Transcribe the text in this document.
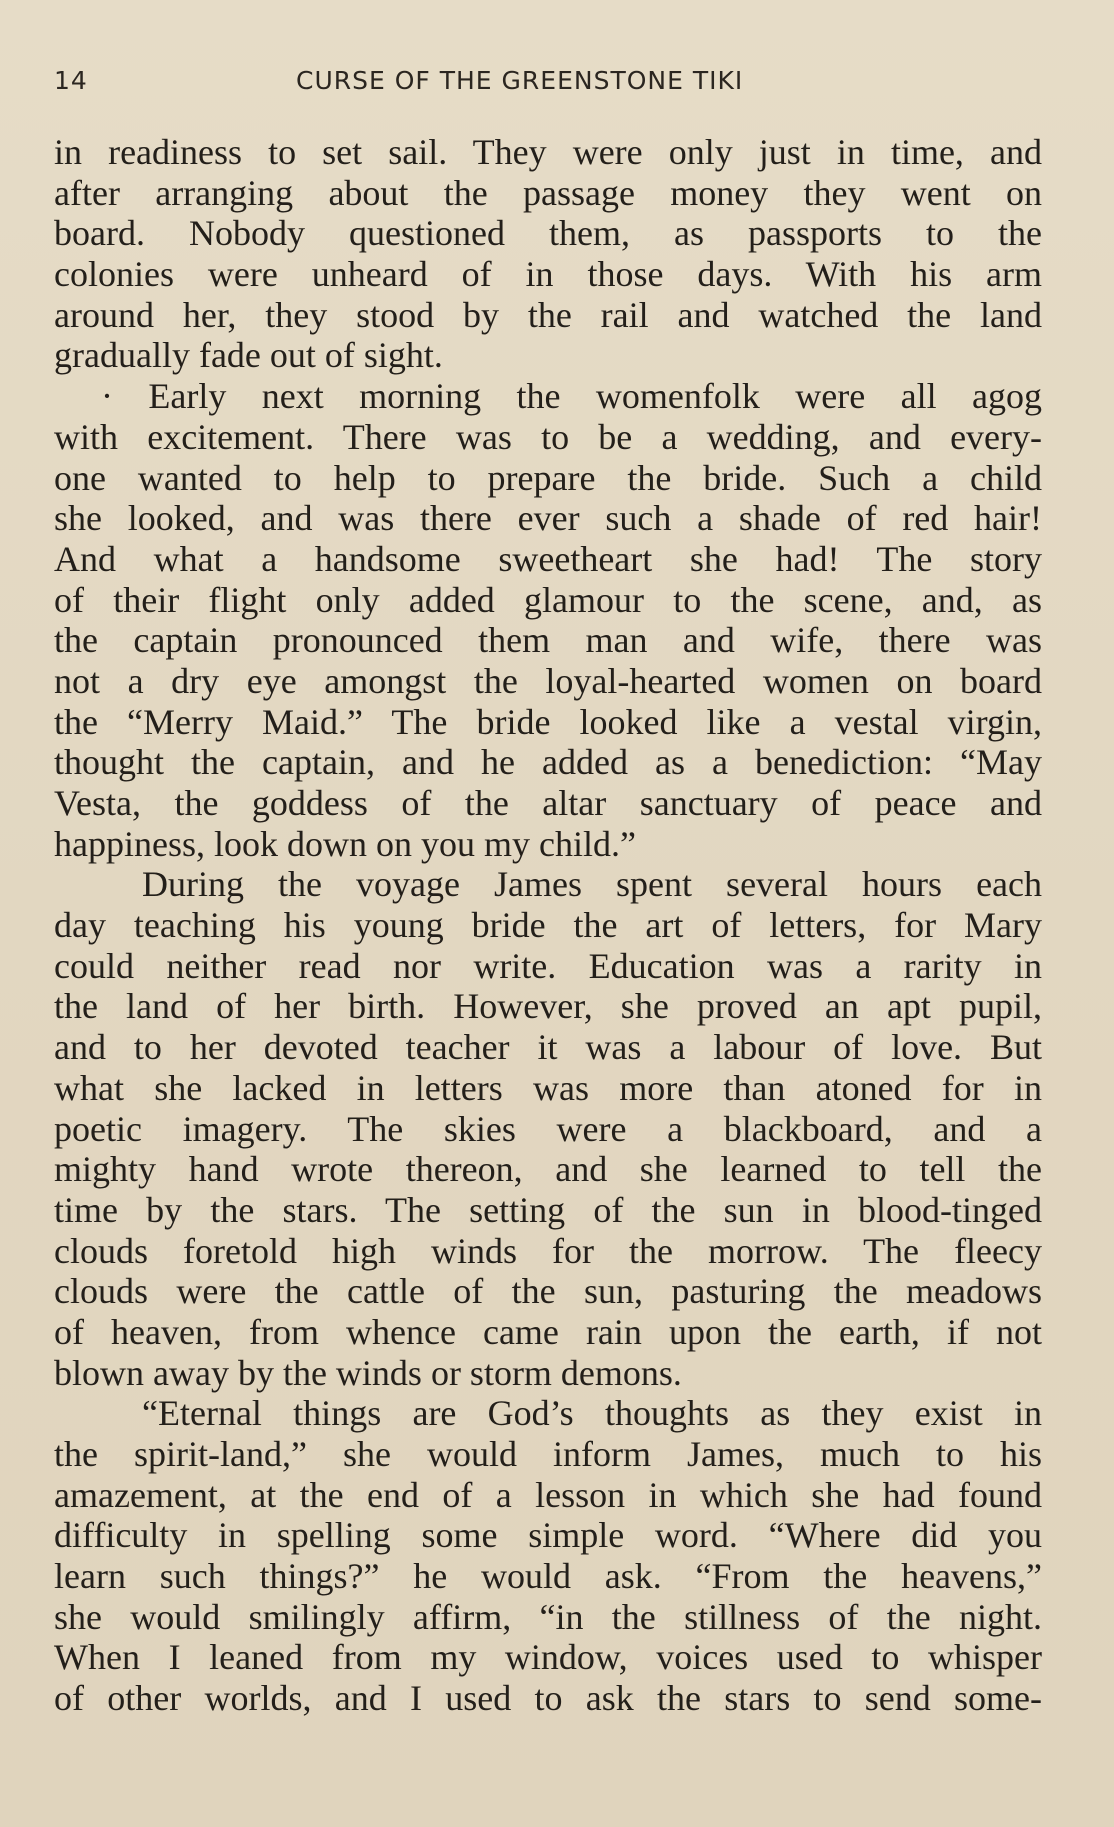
14	CURSE OF THE GREENSTONE TIKI
in readiness to set sail. They were only just in time, and
after arranging about the passage money they went on
board. Nobody questioned them, as passports to the
colonies were unheard of in those days. With his arm
around her, they stood by the rail and watched the land
gradually fade out of sight.
· Early next morning the womenfolk were all agog
with excitement. There was to be a wedding, and every-
one wanted to help to prepare the bride. Such a child
she looked, and was there ever such a shade of red hair!
And what a handsome sweetheart she had! The story
of their flight only added glamour to the scene, and, as
the captain pronounced them man and wife, there was
not a dry eye amongst the loyal-hearted women on board
the “Merry Maid.” The bride looked like a vestal virgin,
thought the captain, and he added as a benediction: “May
Vesta, the goddess of the altar sanctuary of peace and
happiness, look down on you my child.”
During the voyage James spent several hours each
day teaching his young bride the art of letters, for Mary
could neither read nor write. Education was a rarity in
the land of her birth. However, she proved an apt pupil,
and to her devoted teacher it was a labour of love. But
what she lacked in letters was more than atoned for in
poetic imagery. The skies were a blackboard, and a
mighty hand wrote thereon, and she learned to tell the
time by the stars. The setting of the sun in blood-tinged
clouds foretold high winds for the morrow. The fleecy
clouds were the cattle of the sun, pasturing the meadows
of heaven, from whence came rain upon the earth, if not
blown away by the winds or storm demons.
“Eternal things are God’s thoughts as they exist in
the spirit-land,” she would inform James, much to his
amazement, at the end of a lesson in which she had found
difficulty in spelling some simple word. “Where did you
learn such things?” he would ask. “From the heavens,”
she would smilingly affirm, “in the stillness of the night.
When I leaned from my window, voices used to whisper
of other worlds, and I used to ask the stars to send some-
